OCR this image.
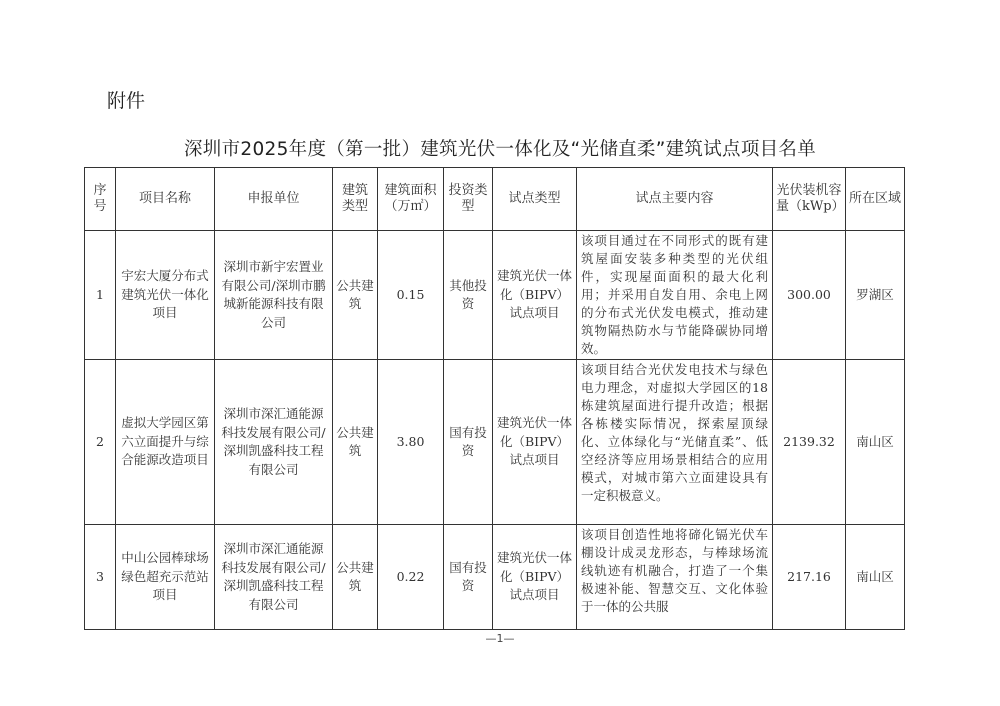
附件
深圳市2025年度（第一批）建筑光伏一体化及“光储直柔”建筑试点项目名单
序号	项目名称	申报单位	建筑类型	建筑面积（万㎡）	投资类型	试点类型	试点主要内容	光伏装机容量（kWp）	所在区域
1	宇宏大厦分布式建筑光伏一体化项目	深圳市新宇宏置业有限公司/深圳市鹏城新能源科技有限公司	公共建筑	0.15	其他投资	建筑光伏一体化（BIPV）试点项目	该项目通过在不同形式的既有建筑屋面安装多种类型的光伏组件，实现屋面面积的最大化利用；并采用自发自用、余电上网的分布式光伏发电模式，推动建筑物隔热防水与节能降碳协同增效。	300.00	罗湖区
2	虚拟大学园区第六立面提升与综合能源改造项目	深圳市深汇通能源科技发展有限公司/深圳凯盛科技工程有限公司	公共建筑	3.80	国有投资	建筑光伏一体化（BIPV）试点项目	该项目结合光伏发电技术与绿色电力理念，对虚拟大学园区的18栋建筑屋面进行提升改造；根据各栋楼实际情况，探索屋顶绿化、立体绿化与“光储直柔”、低空经济等应用场景相结合的应用模式，对城市第六立面建设具有一定积极意义。	2139.32	南山区
3	中山公园棒球场绿色超充示范站项目	深圳市深汇通能源科技发展有限公司/深圳凯盛科技工程有限公司	公共建筑	0.22	国有投资	建筑光伏一体化（BIPV）试点项目	该项目创造性地将碲化镉光伏车棚设计成灵龙形态，与棒球场流线轨迹有机融合，打造了一个集极速补能、智慧交互、文化体验于一体的公共服	217.16	南山区
—1—
